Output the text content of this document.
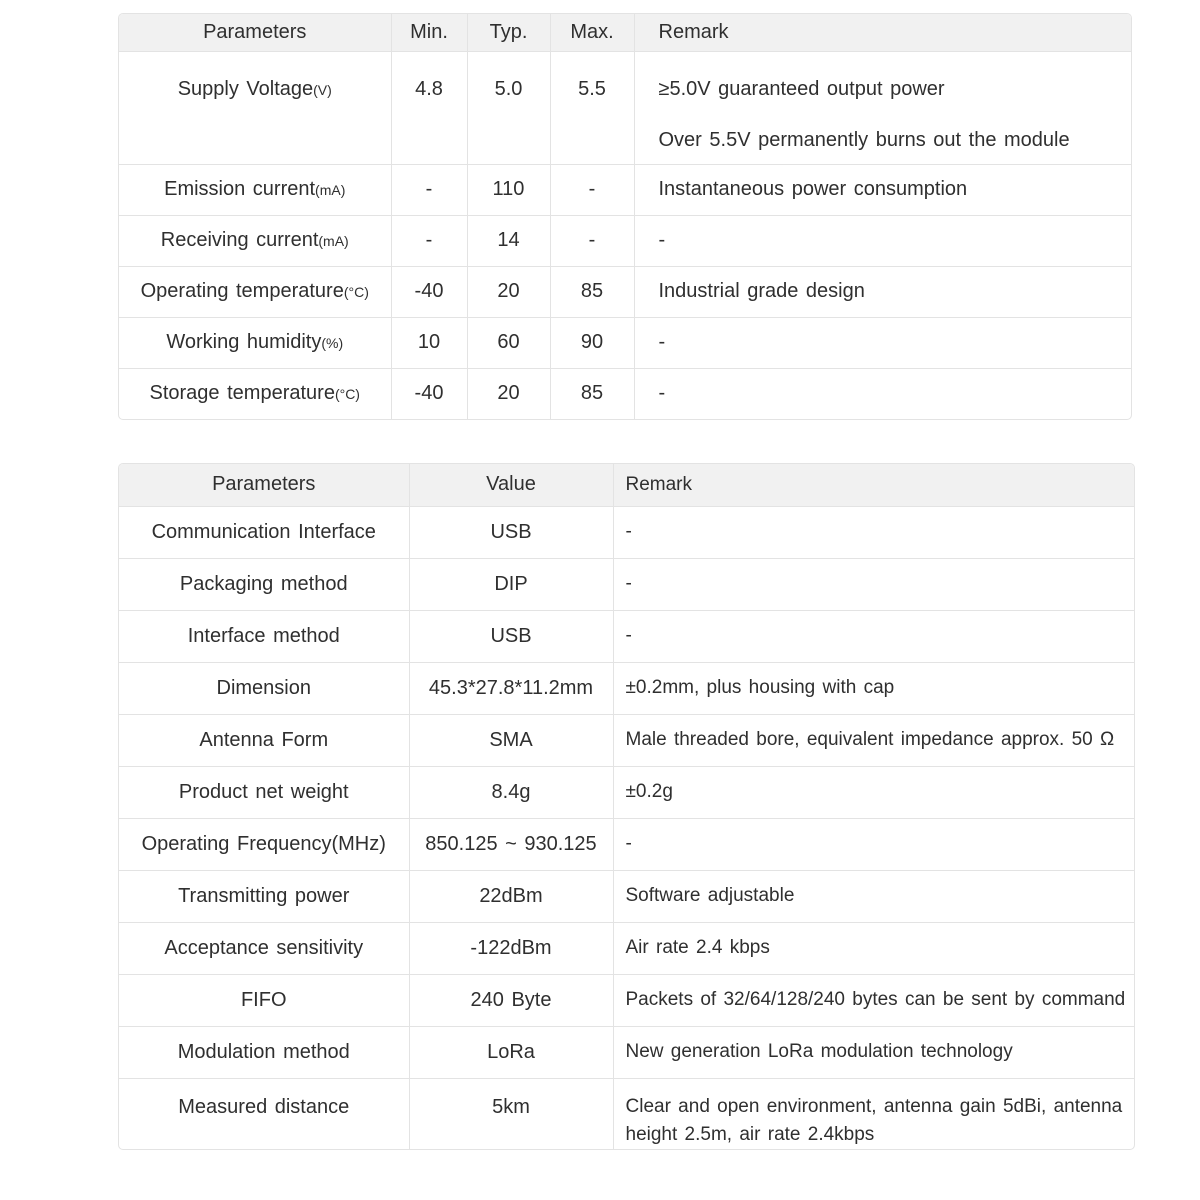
Parameters	Min.	Typ.	Max.	Remark
Supply Voltage(V)	4.8	5.0	5.5	≥5.0V guaranteed output power
Over 5.5V permanently burns out the module

Emission current(mA)	-	110	-	Instantaneous power consumption
Receiving current(mA)	-	14	-	-
Operating temperature(°C)	-40	20	85	Industrial grade design
Working humidity(%)	10	60	90	-
Storage temperature(°C)	-40	20	85	-
Parameters	Value	Remark
Communication Interface	USB	-
Packaging method	DIP	-
Interface method	USB	-
Dimension	45.3*27.8*11.2mm	±0.2mm, plus housing with cap
Antenna Form	SMA	Male threaded bore, equivalent impedance approx. 50 Ω
Product net weight	8.4g	±0.2g
Operating Frequency(MHz)	850.125 ~ 930.125	-
Transmitting power	22dBm	Software adjustable
Acceptance sensitivity	-122dBm	Air rate 2.4 kbps
FIFO	240 Byte	Packets of 32/64/128/240 bytes can be sent by command
Modulation method	LoRa	New generation LoRa modulation technology
Measured distance	5km	Clear and open environment, antenna gain 5dBi, antenna height 2.5m, air rate 2.4kbps
